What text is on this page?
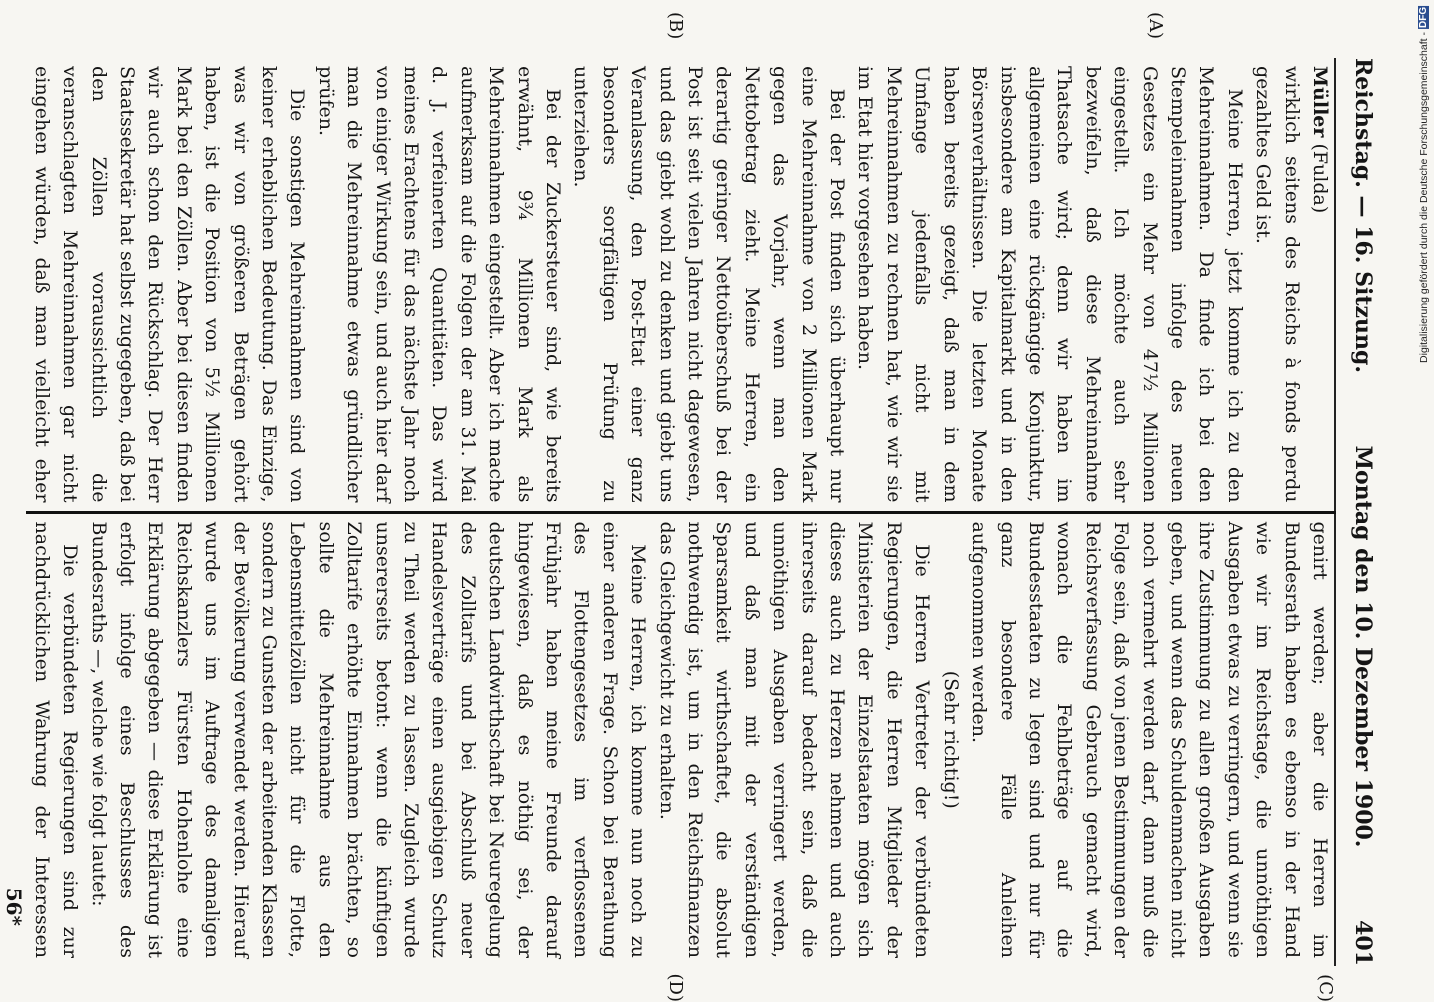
Reichstag. — 16. Sitzung.
Montag den 10. Dezember 1900.
401
(A)
(B)
(C)
(D)

Müller (Fulda)

wirklich seitens des Reichs à fonds perdu gezahltes Geld ist.

Meine Herren, jetzt komme ich zu den Mehreinnahmen. Da finde ich bei den Stempeleinnahmen infolge des neuen Gesetzes ein Mehr von 47½ Millionen eingestellt. Ich möchte auch sehr bezweifeln, daß diese Mehreinnahme Thatsache wird; denn wir haben im allgemeinen eine rückgängige Konjunktur, insbesondere am Kapitalmarkt und in den Börsenverhältnissen. Die letzten Monate haben bereits gezeigt, daß man in dem Umfange jedenfalls nicht mit Mehreinnahmen zu rechnen hat, wie wir sie im Etat hier vorgesehen haben.

Bei der Post finden sich überhaupt nur eine Mehreinnahme von 2 Millionen Mark gegen das Vorjahr, wenn man den Nettobetrag zieht. Meine Herren, ein derartig geringer Nettoüberschuß bei der Post ist seit vielen Jahren nicht dagewesen, und das giebt wohl zu denken und giebt uns Veranlassung, den Post-Etat einer ganz besonders sorgfältigen Prüfung zu unterziehen.

Bei der Zuckersteuer sind, wie bereits erwähnt, 9¾ Millionen Mark als Mehreinnahmen eingestellt. Aber ich mache aufmerksam auf die Folgen der am 31. Mai d. J. verfeinerten Quantitäten. Das wird meines Erachtens für das nächste Jahr noch von einiger Wirkung sein, und auch hier darf man die Mehreinnahme etwas gründlicher prüfen.

Die sonstigen Mehreinnahmen sind von keiner erheblichen Bedeutung. Das Einzige, was wir von größeren Beträgen gehört haben, ist die Position von 5½ Millionen Mark bei den Zöllen. Aber bei diesen finden wir auch schon den Rückschlag. Der Herr Staatssekretär hat selbst zugegeben, daß bei den Zöllen voraussichtlich die veranschlagten Mehreinnahmen gar nicht eingehen würden, daß man vielleicht eher

genirt werden; aber die Herren im Bundesrath haben es ebenso in der Hand wie wir im Reichstage, die unnöthigen Ausgaben etwas zu verringern, und wenn sie ihre Zustimmung zu allen großen Ausgaben geben, und wenn das Schuldenmachen nicht noch vermehrt werden darf, dann muß die Folge sein, daß von jenen Bestimmungen der Reichsverfassung Gebrauch gemacht wird, wonach die Fehlbeträge auf die Bundesstaaten zu legen sind und nur für ganz besondere Fälle Anleihen aufgenommen werden.

(Sehr richtig!)

Die Herren Vertreter der verbündeten Regierungen, die Herren Mitglieder der Ministerien der Einzelstaaten mögen sich dieses auch zu Herzen nehmen und auch ihrerseits darauf bedacht sein, daß die unnöthigen Ausgaben verringert werden, und daß man mit der verständigen Sparsamkeit wirthschaftet, die absolut nothwendig ist, um in den Reichsfinanzen das Gleichgewicht zu erhalten.

Meine Herren, ich komme nun noch zu einer anderen Frage. Schon bei Berathung des Flottengesetzes im verflossenen Frühjahr haben meine Freunde darauf hingewiesen, daß es nöthig sei, der deutschen Landwirthschaft bei Neuregelung des Zolltarifs und bei Abschluß neuer Handelsverträge einen ausgiebigen Schutz zu Theil werden zu lassen. Zugleich wurde unsererseits betont: wenn die künftigen Zolltarife erhöhte Einnahmen brächten, so sollte die Mehreinnahme aus den Lebensmittelzöllen nicht für die Flotte, sondern zu Gunsten der arbeitenden Klassen der Bevölkerung verwendet werden. Hierauf wurde uns im Auftrage des damaligen Reichskanzlers Fürsten Hohenlohe eine Erklärung abgegeben — diese Erklärung ist erfolgt infolge eines Beschlusses des Bundesraths —, welche wie folgt lautet:

Die verbündeten Regierungen sind zur nachdrücklichen Wahrung der Interessen

56*
Digitalisierung gefördert durch die Deutsche Forschungsgemeinschaft - DFG
